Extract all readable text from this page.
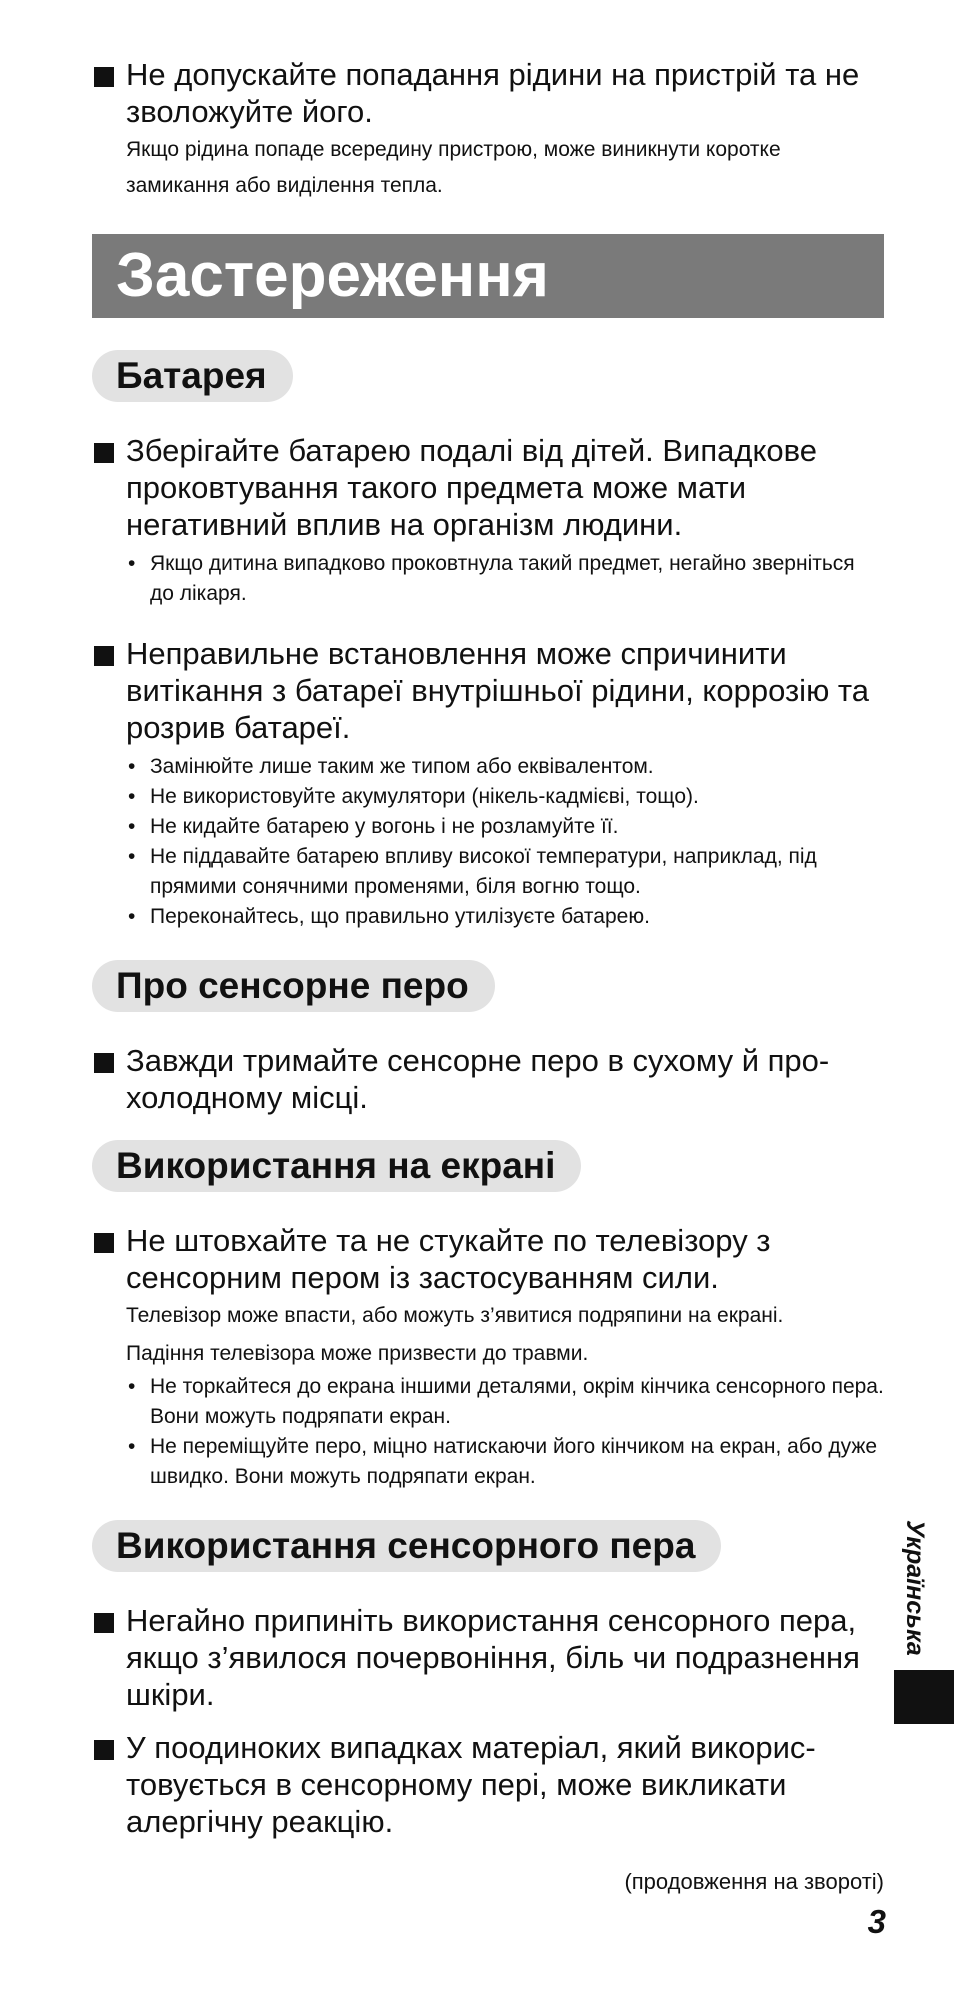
Не допускайте попадання рідини на пристрій та не зволожуйте його.
Якщо рідина попаде всередину пристрою, може виникнути коротке замикання або виділення тепла.
Застереження
Батарея
Зберігайте батарею подалі від дітей. Випадкове проковтування такого предмета може мати негативний вплив на організм людини.
• Якщо дитина випадково проковтнула такий предмет, негайно зверніться до лікаря.
Неправильне встановлення може спричинити витікання з батареї внутрішньої рідини, коррозію та розрив батареї.
• Замінюйте лише таким же типом або еквівалентом.
• Не використовуйте акумулятори (нікель-кадмієві, тощо).
• Не кидайте батарею у вогонь і не розламуйте її.
• Не піддавайте батарею впливу високої температури, наприклад, під прямими сонячними променями, біля вогню тощо.
• Переконайтесь, що правильно утилізуєте батарею.
Про сенсорне перо
Завжди тримайте сенсорне перо в сухому й прохолодному місці.
Використання на екрані
Не штовхайте та не стукайте по телевізору з сенсорним пером із застосуванням сили.
Телевізор може впасти, або можуть з’явитися подряпини на екрані.
Падіння телевізора може призвести до травми.
• Не торкайтеся до екрана іншими деталями, окрім кінчика сенсорного пера. Вони можуть подряпати екран.
• Не переміщуйте перо, міцно натискаючи його кінчиком на екран, або дуже швидко. Вони можуть подряпати екран.
Використання сенсорного пера
Негайно припиніть використання сенсорного пера, якщо з’явилося почервоніння, біль чи подразнення шкіри.
У поодиноких випадках матеріал, який використовується в сенсорному пері, може викликати алергічну реакцію.
Українська
(продовження на звороті)
3
